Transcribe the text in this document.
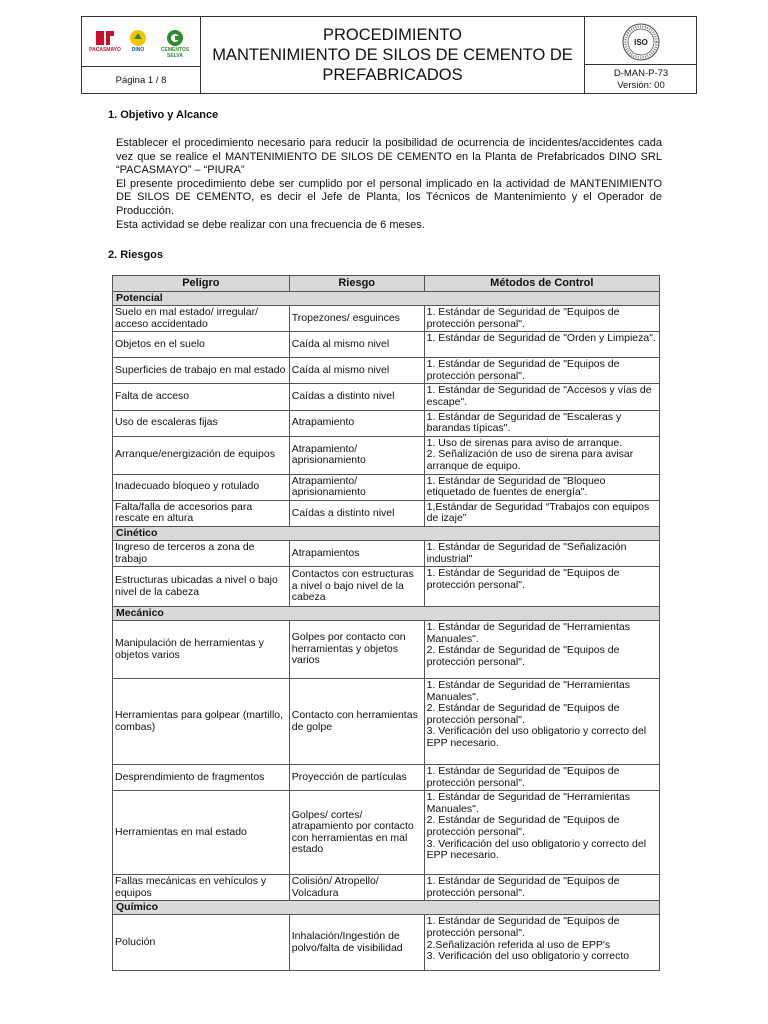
PACASMAYO	DINO	CEMENTOS SELVA
Página 1 / 8
PROCEDIMIENTO
MANTENIMIENTO DE SILOS DE CEMENTO DE
PREFABRICADOS
ISO
D-MAN-P-73
Versión: 00
1. Objetivo y Alcance

Establecer el procedimiento necesario para reducir la posibilidad de ocurrencia de incidentes/accidentes cada vez que se realice el MANTENIMIENTO DE SILOS DE CEMENTO en la Planta de Prefabricados DINO SRL “PACASMAYO” – “PIURA”

El presente procedimiento debe ser cumplido por el personal implicado en la actividad de MANTENIMIENTO DE SILOS DE CEMENTO, es decir el Jefe de Planta, los Técnicos de Mantenimiento y el Operador de Producción.

Esta actividad se debe realizar con una frecuencia de 6 meses.

2. Riesgos
Peligro	Riesgo	Métodos de Control
Potencial		
Suelo en mal estado/ irregular/ acceso accidentado	Tropezones/ esguinces	1. Estándar de Seguridad de "Equipos de protección personal".
Objetos en el suelo	Caída al mismo nivel	1. Estándar de Seguridad de "Orden y Limpieza".
Superficies de trabajo en mal estado	Caída al mismo nivel	1. Estándar de Seguridad de "Equipos de protección personal".
Falta de acceso	Caídas a distinto nivel	1. Estándar de Seguridad de "Accesos y vías de escape".
Uso de escaleras fijas	Atrapamiento	1. Estándar de Seguridad de "Escaleras y barandas típicas".
Arranque/energización de equipos	Atrapamiento/ aprisionamiento	1. Uso de sirenas para aviso de arranque.
2. Señalización de uso de sirena para avisar arranque de equipo.
Inadecuado bloqueo y rotulado	Atrapamiento/ aprisionamiento	1. Estándar de Seguridad de "Bloqueo etiquetado de fuentes de energía".
Falta/falla de accesorios para rescate en altura	Caídas a distinto nivel	1,Estándar de Seguridad “Trabajos con equipos de izaje”
Cinético		
Ingreso de terceros a zona de trabajo	Atrapamientos	1. Estándar de Seguridad de "Señalización industrial"
Estructuras ubicadas a nivel o bajo nivel de la cabeza	Contactos con estructuras a nivel o bajo nivel de la cabeza	1. Estándar de Seguridad de "Equipos de protección personal".
Mecánico		
Manipulación de herramientas y objetos varios	Golpes por contacto con herramientas y objetos varios	1. Estándar de Seguridad de "Herramientas Manuales".
2. Estándar de Seguridad de "Equipos de protección personal".
Herramientas para golpear (martillo, combas)	Contacto con herramientas de golpe	1. Estándar de Seguridad de "Herramientas Manuales".
2. Estándar de Seguridad de "Equipos de protección personal".
3. Verificación del uso obligatorio y correcto del EPP necesario.
Desprendimiento de fragmentos	Proyección de partículas	1. Estándar de Seguridad de "Equipos de protección personal".
Herramientas en mal estado	Golpes/ cortes/ atrapamiento por contacto con herramientas en mal estado	1. Estándar de Seguridad de "Herramientas Manuales".
2. Estándar de Seguridad de "Equipos de protección personal".
3. Verificación del uso obligatorio y correcto del EPP necesario.
Fallas mecánicas en vehículos y equipos	Colisión/ Atropello/ Volcadura	1. Estándar de Seguridad de "Equipos de protección personal".
Químico		
Polución	Inhalación/Ingestión de polvo/falta de visibilidad	1. Estándar de Seguridad de "Equipos de protección personal".
2.Señalización referida al uso de EPP's
3. Verificación del uso obligatorio y correcto
